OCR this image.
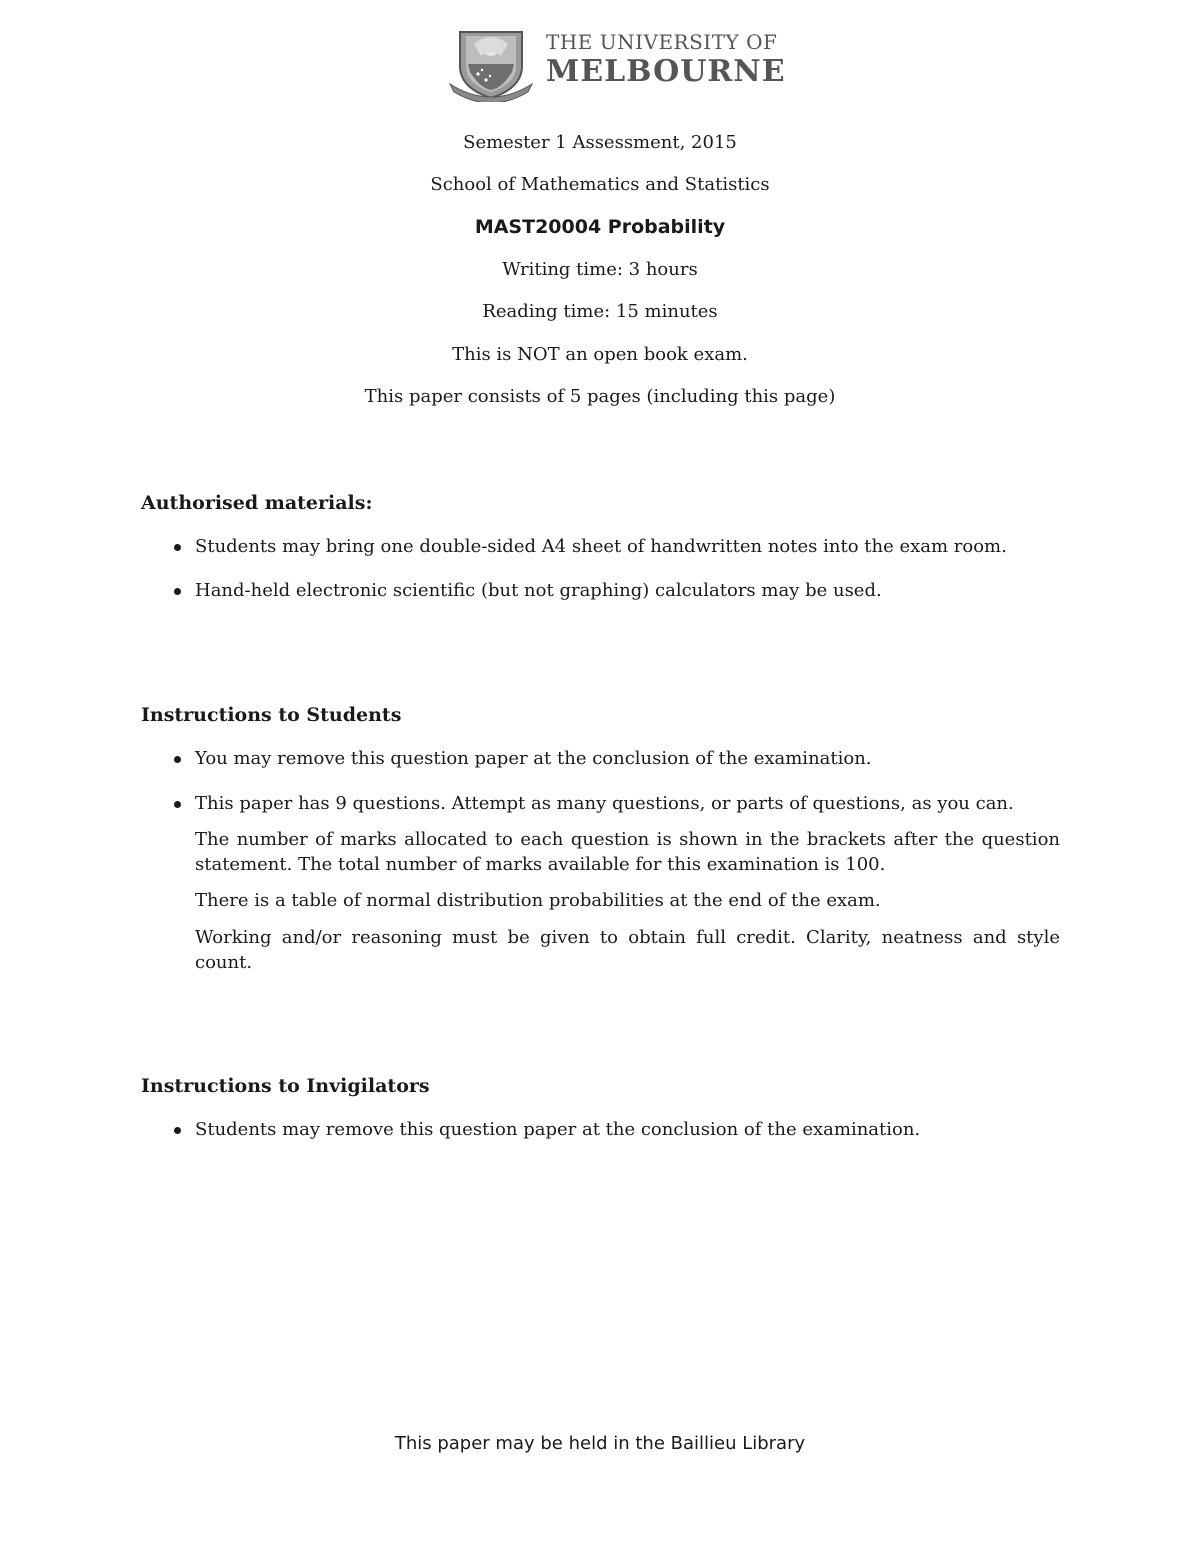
THE UNIVERSITY OF
MELBOURNE
Semester 1 Assessment, 2015
School of Mathematics and Statistics
MAST20004 Probability
Writing time: 3 hours
Reading time: 15 minutes
This is NOT an open book exam.
This paper consists of 5 pages (including this page)
Authorised materials:
Students may bring one double-sided A4 sheet of handwritten notes into the exam room.
Hand-held electronic scientific (but not graphing) calculators may be used.
Instructions to Students
You may remove this question paper at the conclusion of the examination.
This paper has 9 questions. Attempt as many questions, or parts of questions, as you can.
The number of marks allocated to each question is shown in the brackets after the question statement. The total number of marks available for this examination is 100.
There is a table of normal distribution probabilities at the end of the exam.
Working and/or reasoning must be given to obtain full credit. Clarity, neatness and style count.
Instructions to Invigilators
Students may remove this question paper at the conclusion of the examination.
This paper may be held in the Baillieu Library
